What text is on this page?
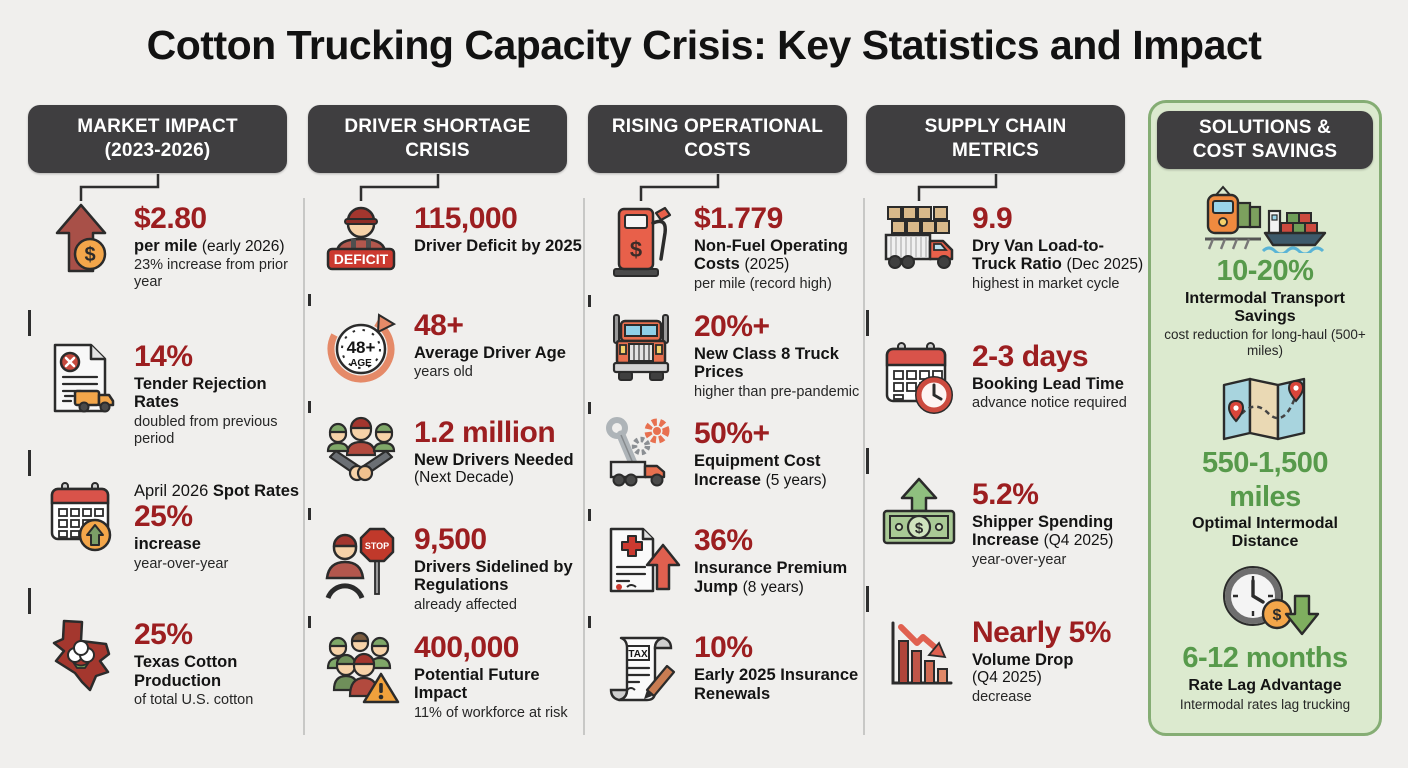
Cotton Trucking Capacity Crisis: Key Statistics and Impact
MARKET IMPACT
(2023-2026)
$
$2.80
per mile (early 2026)
23% increase from prior year
14%
Tender Rejection Rates
doubled from previous period
April 2026 Spot Rates
25%
increase
year-over-year
25%
Texas Cotton Production
of total U.S. cotton
DRIVER SHORTAGE
CRISIS
DEFICIT
115,000
Driver Deficit by 2025
48+
AGE
48+
Average Driver Age
years old
1.2 million
New Drivers Needed
(Next Decade)
STOP 9,500
Drivers Sidelined by Regulations
already affected
400,000
Potential Future Impact
11% of workforce at risk
RISING OPERATIONAL
COSTS
$
$1.779
Non-Fuel Operating Costs (2025)
per mile (record high)
20%+
New Class 8 Truck Prices
higher than pre-pandemic
50%+
Equipment Cost Increase (5 years)
36%
Insurance Premium Jump (8 years)
TAX 10%
Early 2025 Insurance Renewals
SUPPLY CHAIN
METRICS
9.9
Dry Van Load-to-Truck Ratio (Dec 2025)
highest in market cycle
2-3 days
Booking Lead Time
advance notice required
$
5.2%
Shipper Spending Increase (Q4 2025)
year-over-year
Nearly 5%
Volume Drop
(Q4 2025)
decrease
SOLUTIONS &
COST SAVINGS
10-20%
Intermodal Transport Savings
cost reduction for long-haul (500+ miles)
550-1,500
miles
Optimal Intermodal Distance
$
6-12 months
Rate Lag Advantage
Intermodal rates lag trucking
